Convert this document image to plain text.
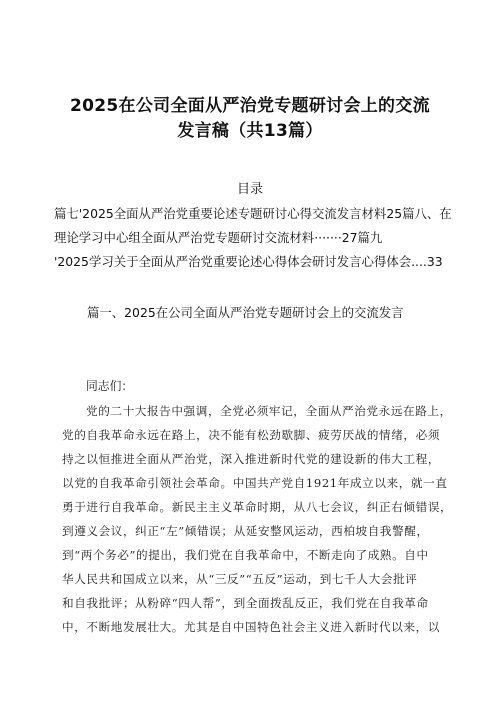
2025在公司全面从严治党专题研讨会上的交流
发言稿（共13篇）
目录
篇七'2025全面从严治党重要论述专题研讨心得交流发言材料25篇八、在
理论学习中心组全面从严治党专题研讨交流材料·······27篇九
'2025学习关于全面从严治党重要论述心得体会研讨发言心得体会....33
篇一、2025在公司全面从严治党专题研讨会上的交流发言
同志们：
党的二十大报告中强调，全党必须牢记，全面从严治党永远在路上，
党的自我革命永远在路上，决不能有松劲歇脚、疲劳厌战的情绪，必须
持之以恒推进全面从严治党，深入推进新时代党的建设新的伟大工程，
以党的自我革命引领社会革命。中国共产党自1921年成立以来，就一直
勇于进行自我革命。新民主主义革命时期，从八七会议，纠正右倾错误，
到遵义会议，纠正“左”倾错误；从延安整风运动，西柏坡自我警醒，
到“两个务必”的提出，我们党在自我革命中，不断走向了成熟。自中
华人民共和国成立以来，从“三反”“五反”运动，到七千人大会批评
和自我批评；从粉碎“四人帮”，到全面拨乱反正，我们党在自我革命
中，不断地发展壮大。尤其是自中国特色社会主义进入新时代以来，以
